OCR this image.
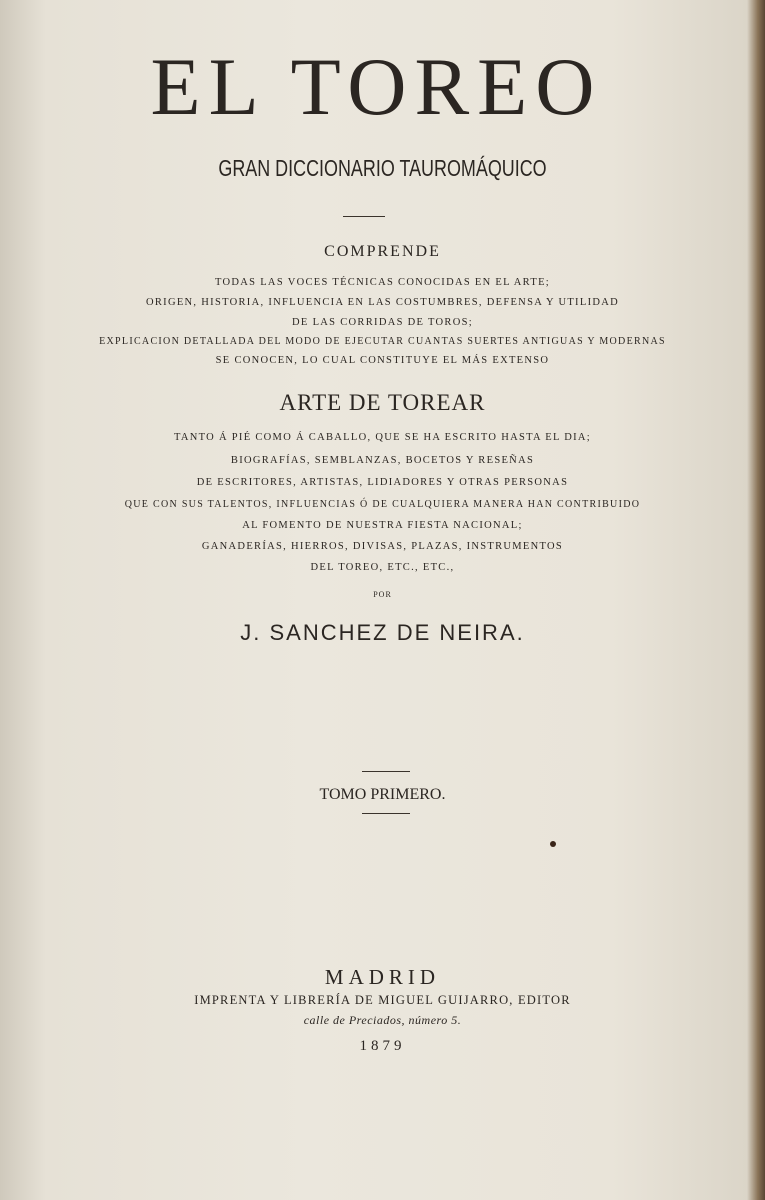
EL TOREO
GRAN DICCIONARIO TAUROMÁQUICO
COMPRENDE
TODAS LAS VOCES TÉCNICAS CONOCIDAS EN EL ARTE;
ORIGEN, HISTORIA, INFLUENCIA EN LAS COSTUMBRES, DEFENSA Y UTILIDAD
DE LAS CORRIDAS DE TOROS;
EXPLICACION DETALLADA DEL MODO DE EJECUTAR CUANTAS SUERTES ANTIGUAS Y MODERNAS
SE CONOCEN, LO CUAL CONSTITUYE EL MÁS EXTENSO
ARTE DE TOREAR
TANTO Á PIÉ COMO Á CABALLO, QUE SE HA ESCRITO HASTA EL DIA;
BIOGRAFÍAS, SEMBLANZAS, BOCETOS Y RESEÑAS
DE ESCRITORES, ARTISTAS, LIDIADORES Y OTRAS PERSONAS
QUE CON SUS TALENTOS, INFLUENCIAS Ó DE CUALQUIERA MANERA HAN CONTRIBUIDO
AL FOMENTO DE NUESTRA FIESTA NACIONAL;
GANADERÍAS, HIERROS, DIVISAS, PLAZAS, INSTRUMENTOS
DEL TOREO, ETC., ETC.,
POR
J. SANCHEZ DE NEIRA.
TOMO PRIMERO.
MADRID
IMPRENTA Y LIBRERÍA DE MIGUEL GUIJARRO, EDITOR
calle de Preciados, número 5.
1879
